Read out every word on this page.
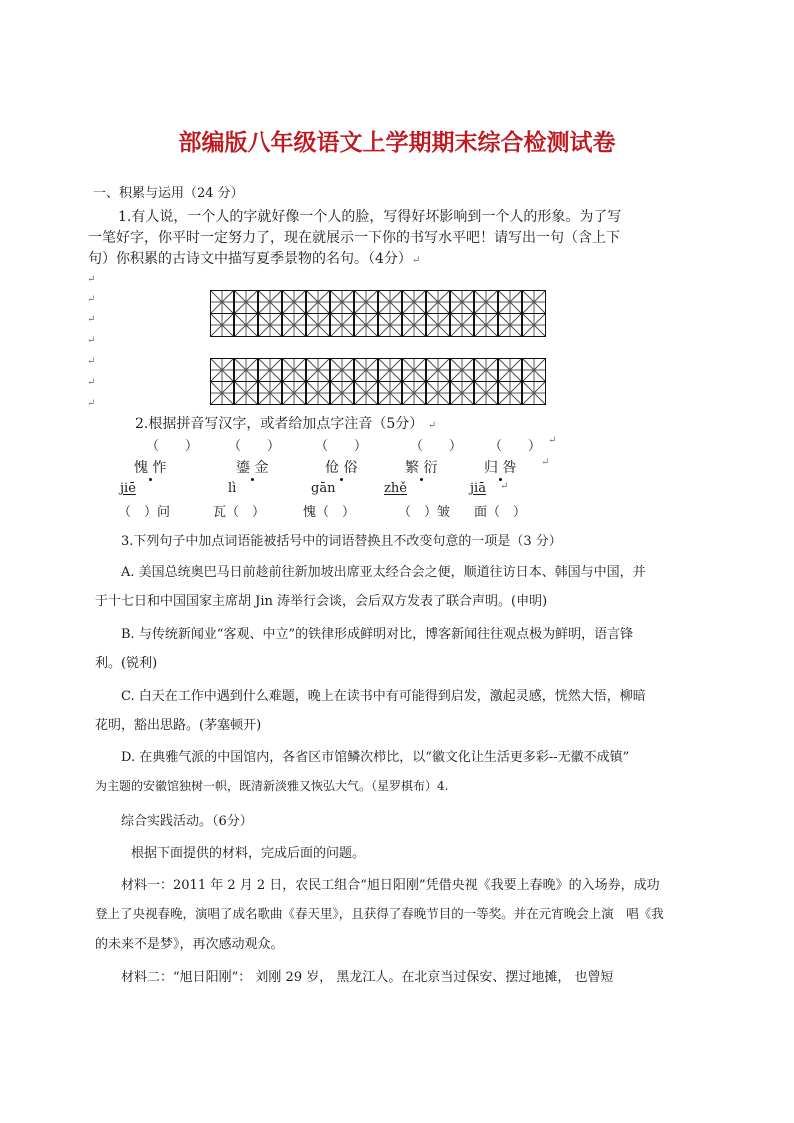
部编版八年级语文上学期期末综合检测试卷
一、积累与运用（24 分）
1.有人说，一个人的字就好像一个人的脸，写得好坏影响到一个人的形象。为了写
一笔好字，你平时一定努力了，现在就展示一下你的书写水平吧！请写出一句（含上下
句）你积累的古诗文中描写夏季景物的名句。（4分）↵
↵
↵
↵
↵
↵
↵
↵
2.根据拼音写汉字，或者给加点字注音（5分） ↵
（　　） （　　）	（　　）	（　　） （　　） ↵
愧 怍	鎏 金	伧 俗	繁 衍	归 咎 ↵
jiē	lì	gān	zhě	jiā ↵
（　）问	瓦（　）	愧（　）	（　）皱 面（　）
3.下列句子中加点词语能被括号中的词语替换且不改变句意的一项是（3 分）
A. 美国总统奥巴马日前趁前往新加坡出席亚太经合会之便，顺道往访日本、韩国与中国，并
于十七日和中国国家主席胡 Jin 涛举行会谈，会后双方发表了联合声明。(申明)
B. 与传统新闻业“客观、中立”的铁律形成鲜明对比，博客新闻往往观点极为鲜明，语言锋
利。(锐利)
C. 白天在工作中遇到什么难题，晚上在读书中有可能得到启发，激起灵感，恍然大悟，柳暗
花明，豁出思路。(茅塞顿开)
D. 在典雅气派的中国馆内，各省区市馆鳞次栉比，以“徽文化让生活更多彩--无徽不成镇”
为主题的安徽馆独树一帜，既清新淡雅又恢弘大气。（星罗棋布）4.
综合实践活动。（6分）
根据下面提供的材料，完成后面的问题。
材料一：2011 年 2 月 2 日，农民工组合“旭日阳刚”凭借央视《我要上春晚》的入场券，成功
登上了央视春晚，演唱了成名歌曲《春天里》，且获得了春晚节目的一等奖。并在元宵晚会上演　唱《我
的未来不是梦》，再次感动观众。
材料二：“旭日阳刚”： 刘刚 29 岁， 黑龙江人。在北京当过保安、摆过地摊， 也曾短
